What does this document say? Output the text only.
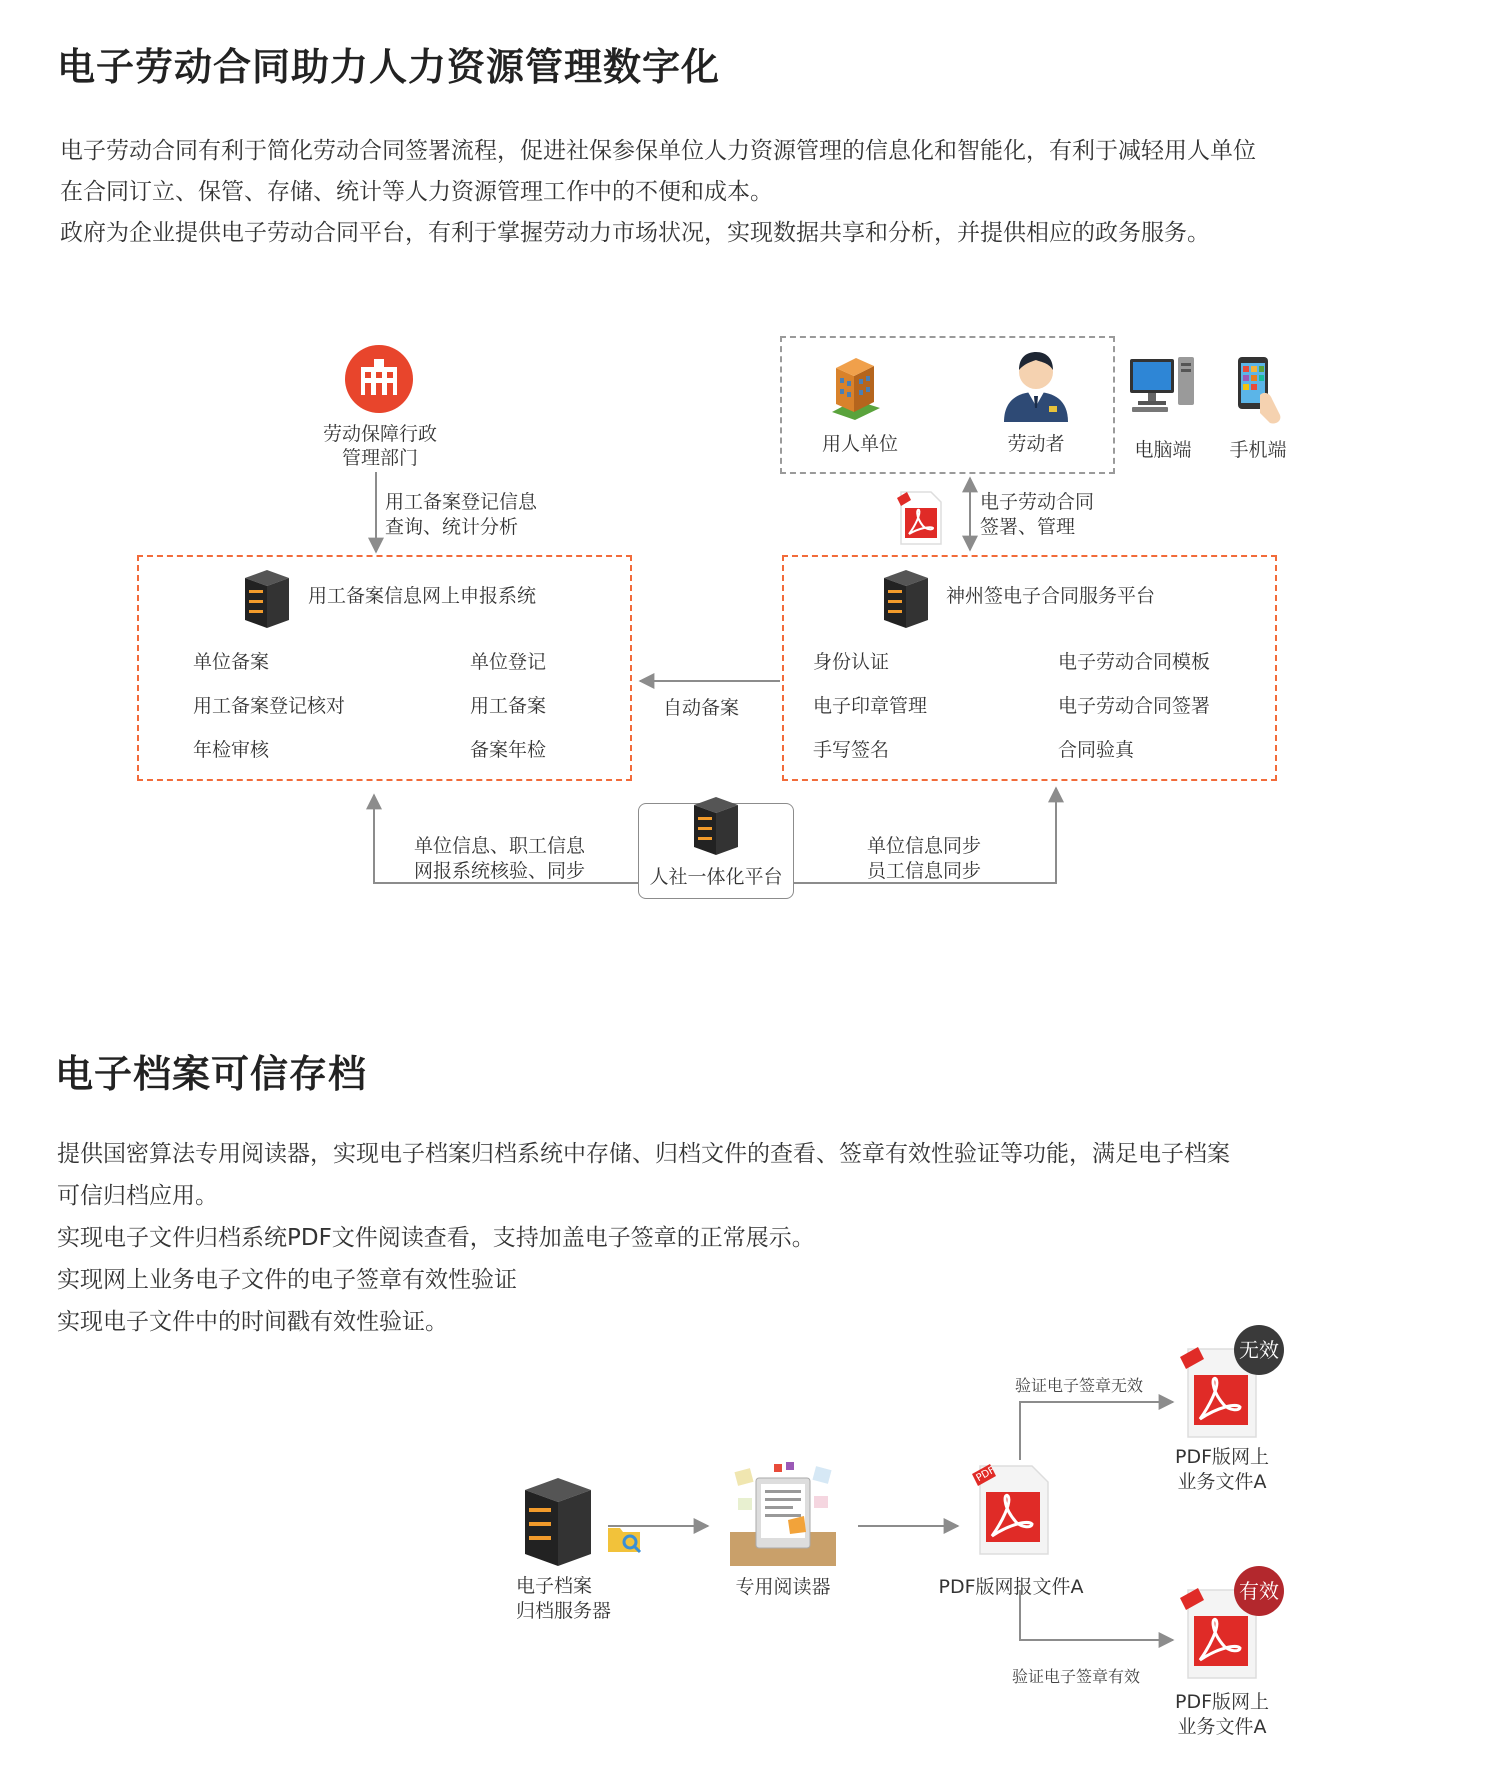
电子劳动合同助力人力资源管理数字化
电子劳动合同有利于简化劳动合同签署流程，促进社保参保单位人力资源管理的信息化和智能化，有利于减轻用人单位
在合同订立、保管、存储、统计等人力资源管理工作中的不便和成本。
政府为企业提供电子劳动合同平台，有利于掌握劳动力市场状况，实现数据共享和分析，并提供相应的政务服务。
劳动保障行政
管理部门
用工备案登记信息
查询、统计分析
用人单位	劳动者	电脑端	手机端
电子劳动合同
签署、管理
用工备案信息网上申报系统
单位备案	单位登记
用工备案登记核对	用工备案
年检审核	备案年检
自动备案
神州签电子合同服务平台
身份认证	电子劳动合同模板
电子印章管理	电子劳动合同签署
手写签名	合同验真
人社一体化平台
单位信息、职工信息
网报系统核验、同步
单位信息同步
员工信息同步
电子档案可信存档
提供国密算法专用阅读器，实现电子档案归档系统中存储、归档文件的查看、签章有效性验证等功能，满足电子档案
可信归档应用。
实现电子文件归档系统PDF文件阅读查看，支持加盖电子签章的正常展示。
实现网上业务电子文件的电子签章有效性验证
实现电子文件中的时间戳有效性验证。
电子档案
归档服务器
专用阅读器
PDF
PDF版网报文件A
验证电子签章无效
验证电子签章有效
无效
PDF版网上
业务文件A
有效
PDF版网上
业务文件A
